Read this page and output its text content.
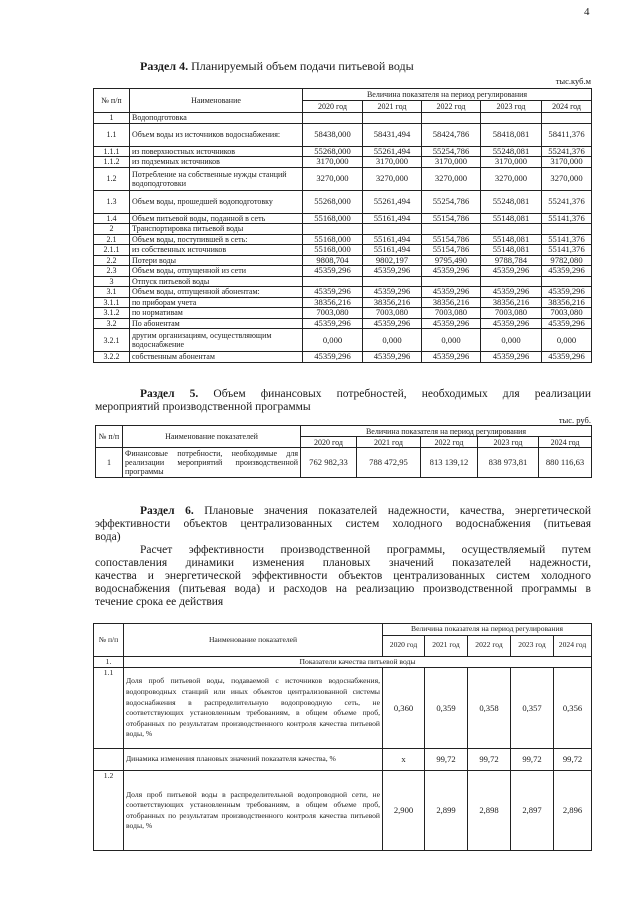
4
Раздел 4. Планируемый объем подачи питьевой воды
тыс.куб.м
№ п/п	Наименование	Величина показателя на период регулирования				
		2020 год	2021 год	2022 год	2023 год	2024 год
1	Водоподготовка					
1.1	Объем воды из источников водоснабжения:	58438,000	58431,494	58424,786	58418,081	58411,376
1.1.1	из поверхностных источников	55268,000	55261,494	55254,786	55248,081	55241,376
1.1.2	из подземных источников	3170,000	3170,000	3170,000	3170,000	3170,000
1.2	Потребление на собственные нужды станций водоподготовки	3270,000	3270,000	3270,000	3270,000	3270,000
1.3	Объем воды, прошедшей водоподготовку	55268,000	55261,494	55254,786	55248,081	55241,376
1.4	Объем питьевой воды, поданной в сеть	55168,000	55161,494	55154,786	55148,081	55141,376
2	Транспортировка питьевой воды					
2.1	Объем воды, поступившей в сеть:	55168,000	55161,494	55154,786	55148,081	55141,376
2.1.1	из собственных источников	55168,000	55161,494	55154,786	55148,081	55141,376
2.2	Потери воды	9808,704	9802,197	9795,490	9788,784	9782,080
2.3	Объем воды, отпущенной из сети	45359,296	45359,296	45359,296	45359,296	45359,296
3	Отпуск питьевой воды					
3.1	Объем воды, отпущенной абонентам:	45359,296	45359,296	45359,296	45359,296	45359,296
3.1.1	по приборам учета	38356,216	38356,216	38356,216	38356,216	38356,216
3.1.2	по нормативам	7003,080	7003,080	7003,080	7003,080	7003,080
3.2	По абонентам	45359,296	45359,296	45359,296	45359,296	45359,296
3.2.1	другим организациям, осуществляющим водоснабжение	0,000	0,000	0,000	0,000	0,000
3.2.2	собственным абонентам	45359,296	45359,296	45359,296	45359,296	45359,296
Раздел 5. Объем финансовых потребностей, необходимых для реализации
мероприятий производственной программы
тыс. руб.
№ п/п	Наименование показателей	Величина показателя на период регулирования				
		2020 год	2021 год	2022 год	2023 год	2024 год
1	Финансовые потребности, необходимые для реализации мероприятий производственной программы	762 982,33	788 472,95	813 139,12	838 973,81	880 116,63
Раздел 6. Плановые значения показателей надежности, качества, энергетической
эффективности объектов централизованных систем холодного водоснабжения (питьевая
вода)
Расчет эффективности производственной программы, осуществляемый путем
сопоставления динамики изменения плановых значений показателей надежности,
качества и энергетической эффективности объектов централизованных систем холодного
водоснабжения (питьевая вода) и расходов на реализацию производственной программы в
течение срока ее действия
№ п/п	Наименование показателей	Величина показателя на период регулирования				
		2020 год	2021 год	2022 год	2023 год	2024 год
1.	Показатели качества питьевой воды					
1.1	Доля проб питьевой воды, подаваемой с источников водоснабжения, водопроводных станций или иных объектов централизованной системы водоснабжения в распределительную водопроводную сеть, не соответствующих установленным требованиям, в общем объеме проб, отобранных по результатам производственного контроля качества питьевой воды, %	0,360	0,359	0,358	0,357	0,356
	Динамика изменения плановых значений показателя качества, %	х	99,72	99,72	99,72	99,72
1.2	Доля проб питьевой воды в распределительной водопроводной сети, не соответствующих установленным требованиям, в общем объеме проб, отобранных по результатам производственного контроля качества питьевой воды, %	2,900	2,899	2,898	2,897	2,896
